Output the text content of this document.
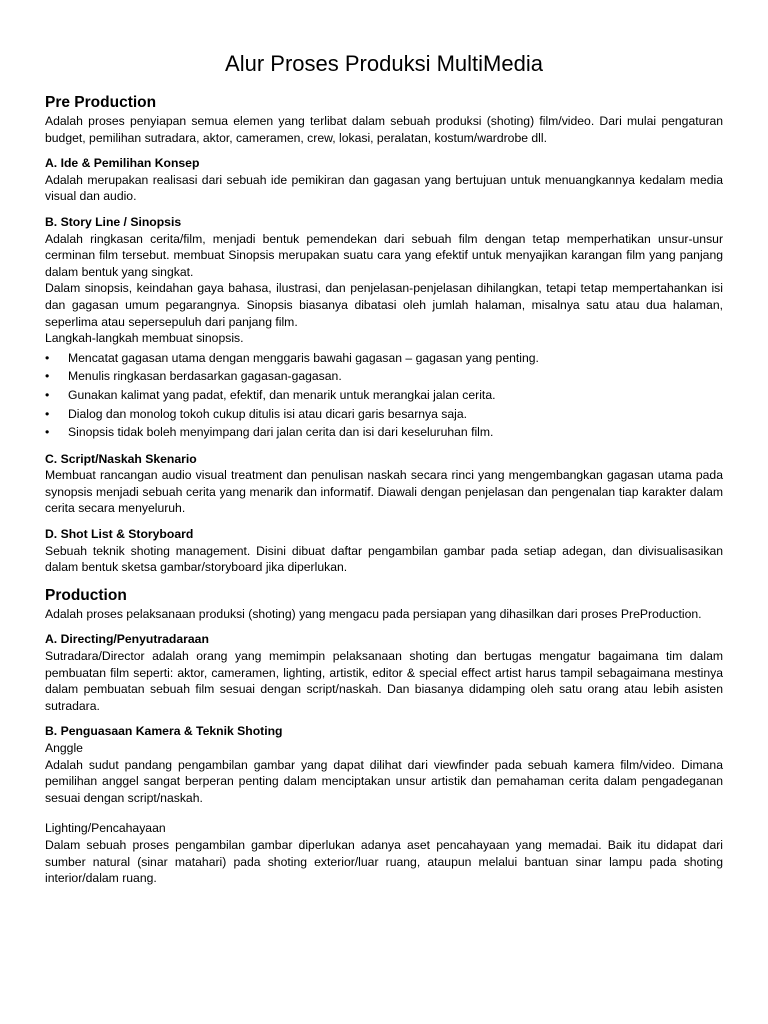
Alur Proses Produksi MultiMedia
Pre Production

Adalah proses penyiapan semua elemen yang terlibat dalam sebuah produksi (shoting) film/video. Dari mulai pengaturan budget, pemilihan sutradara, aktor, cameramen, crew, lokasi, peralatan, kostum/wardrobe dll.

A. Ide & Pemilihan Konsep

Adalah merupakan realisasi dari sebuah ide pemikiran dan gagasan yang bertujuan untuk menuangkannya kedalam media visual dan audio.

B. Story Line / Sinopsis

Adalah ringkasan cerita/film, menjadi bentuk pemendekan dari sebuah film dengan tetap memperhatikan unsur-unsur cerminan film tersebut. membuat Sinopsis merupakan suatu cara yang efektif untuk menyajikan karangan film yang panjang dalam bentuk yang singkat.

Dalam sinopsis, keindahan gaya bahasa, ilustrasi, dan penjelasan-penjelasan dihilangkan, tetapi tetap mempertahankan isi dan gagasan umum pegarangnya. Sinopsis biasanya dibatasi oleh jumlah halaman, misalnya satu atau dua halaman, seperlima atau sepersepuluh dari panjang film.

Langkah-langkah membuat sinopsis.

• Mencatat gagasan utama dengan menggaris bawahi gagasan – gagasan yang penting.
• Menulis ringkasan berdasarkan gagasan-gagasan.
• Gunakan kalimat yang padat, efektif, dan menarik untuk merangkai jalan cerita.
• Dialog dan monolog tokoh cukup ditulis isi atau dicari garis besarnya saja.
• Sinopsis tidak boleh menyimpang dari jalan cerita dan isi dari keseluruhan film.
C. Script/Naskah Skenario

Membuat rancangan audio visual treatment dan penulisan naskah secara rinci yang mengembangkan gagasan utama pada synopsis menjadi sebuah cerita yang menarik dan informatif. Diawali dengan penjelasan dan pengenalan tiap karakter dalam cerita secara menyeluruh.

D. Shot List & Storyboard

Sebuah teknik shoting management. Disini dibuat daftar pengambilan gambar pada setiap adegan, dan divisualisasikan dalam bentuk sketsa gambar/storyboard jika diperlukan.

Production

Adalah proses pelaksanaan produksi (shoting) yang mengacu pada persiapan yang dihasilkan dari proses PreProduction.

A. Directing/Penyutradaraan

Sutradara/Director adalah orang yang memimpin pelaksanaan shoting dan bertugas mengatur bagaimana tim dalam pembuatan film seperti: aktor, cameramen, lighting, artistik, editor & special effect artist harus tampil sebagaimana mestinya dalam pembuatan sebuah film sesuai dengan script/naskah. Dan biasanya didamping oleh satu orang atau lebih asisten sutradara.

B. Penguasaan Kamera & Teknik Shoting

Anggle

Adalah sudut pandang pengambilan gambar yang dapat dilihat dari viewfinder pada sebuah kamera film/video. Dimana pemilihan anggel sangat berperan penting dalam menciptakan unsur artistik dan pemahaman cerita dalam pengadeganan sesuai dengan script/naskah.

Lighting/Pencahayaan

Dalam sebuah proses pengambilan gambar diperlukan adanya aset pencahayaan yang memadai. Baik itu didapat dari sumber natural (sinar matahari) pada shoting exterior/luar ruang, ataupun melalui bantuan sinar lampu pada shoting interior/dalam ruang.
